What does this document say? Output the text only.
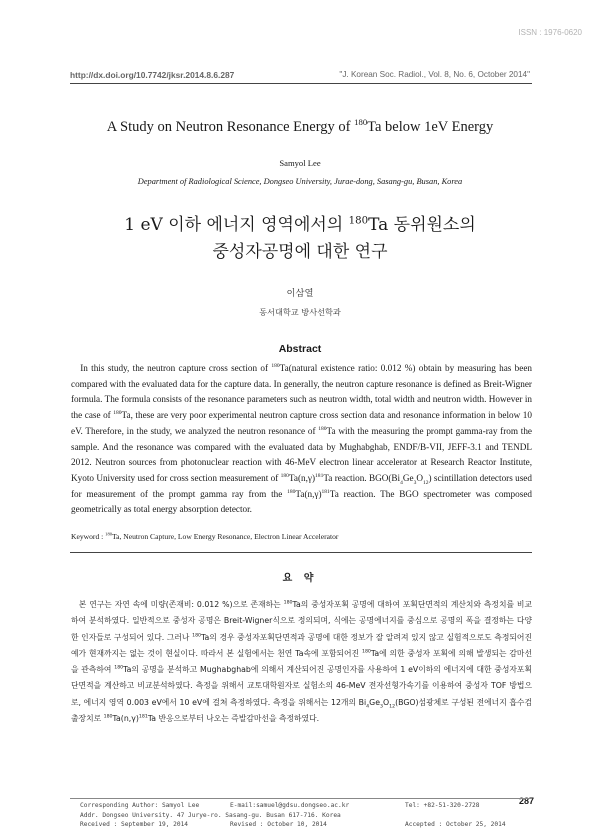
ISSN : 1976-0620
http://dx.doi.org/10.7742/jksr.2014.8.6.287	"J. Korean Soc. Radiol., Vol. 8, No. 6, October 2014"
A Study on Neutron Resonance Energy of $^{180}$Ta below 1eV Energy
Samyol Lee
Department of Radiological Science, Dongseo University, Jurae-dong, Sasang-gu, Busan, Korea
1 eV 이하 에너지 영역에서의 $^{180}$Ta 동위원소의
중성자공명에 대한 연구
이삼열
동서대학교 방사선학과
Abstract
 In this study, the neutron capture cross section of $^{180}$Ta(natural existence ratio: 0.012 %) obtain by measuring has been compared with the evaluated data for the capture data. In generally, the neutron capture resonance is defined as Breit-Wigner formula. The formula consists of the resonance parameters such as neutron width, total width and neutron width. However in the case of $^{180}$Ta, these are very poor experimental neutron capture cross section data and resonance information in below 10 eV. Therefore, in the study, we analyzed the neutron resonance of $^{180}$Ta with the measuring the prompt gamma-ray from the sample. And the resonance was compared with the evaluated data by Mughabghab, ENDF/B-VII, JEFF-3.1 and TENDL 2012. Neutron sources from photonuclear reaction with 46-MeV electron linear accelerator at Research Reactor Institute, Kyoto University used for cross section measurement of $^{180}Ta(n,\gamma)^{181}Ta$ reaction. $BGO(Bi_4Ge_3O_{12})$ scintillation detectors used for measurement of the prompt gamma ray from the $^{180}Ta(n,\gamma)^{181}Ta$ reaction. The BGO spectrometer was composed geometrically as total energy absorption detector.
Keyword : $^{180}$Ta, Neutron Capture, Low Energy Resonance, Electron Linear Accelerator
요 약
 본 연구는 자연 속에 미량(존재비: 0.012 %)으로 존재하는 $^{180}$Ta의 중성자포획 공명에 대하여 포획단면적의 계산치와 측정치를 비교하여 분석하였다. 일반적으로 중성자 공명은 Breit-Wigner식으로 정의되며, 식에는 공명에너지를 중심으로 공명의 폭을 결정하는 다양한 인자들로 구성되어 있다. 그러나 $^{180}$Ta의 경우 중성자포획단면적과 공명에 대한 정보가 잘 알려져 있지 않고 실험적으로도 측정되어진 예가 현재까지는 없는 것이 현실이다. 따라서 본 실험에서는 천연 Ta속에 포함되어진 $^{180}$Ta에 의한 중성자 포획에 의해 발생되는 감마선을 관측하여 $^{180}$Ta의 공명을 분석하고 Mughabghab에 의해서 계산되어진 공명인자를 사용하여 1 eV이하의 에너지에 대한 중성자포획단면적을 계산하고 비교분석하였다. 측정을 위해서 교토대학원자로 실험소의 46-MeV 전자선형가속기를 이용하여 중성자 TOF 방법으로, 에너지 영역 0.003 eV에서 10 eV에 걸쳐 측정하였다. 측정을 위해서는 12개의 $Bi_4Ge_3O_{12}(BGO)$섬광체로 구성된 전에너지 흡수검출장치로 $^{180}Ta(n,\gamma)^{181}Ta$ 반응으로부터 나오는 즉발감마선을 측정하였다.
287
Corresponding Author: Samyol Lee	E-mail:samuel@gdsu.dongseo.ac.kr	Tel: +82-51-320-2728
Addr. Dongseo University. 47 Jurye-ro. Sasang-gu. Busan 617-716. Korea
Received : September 19, 2014	Revised : October 10, 2014	Accepted : October 25, 2014
